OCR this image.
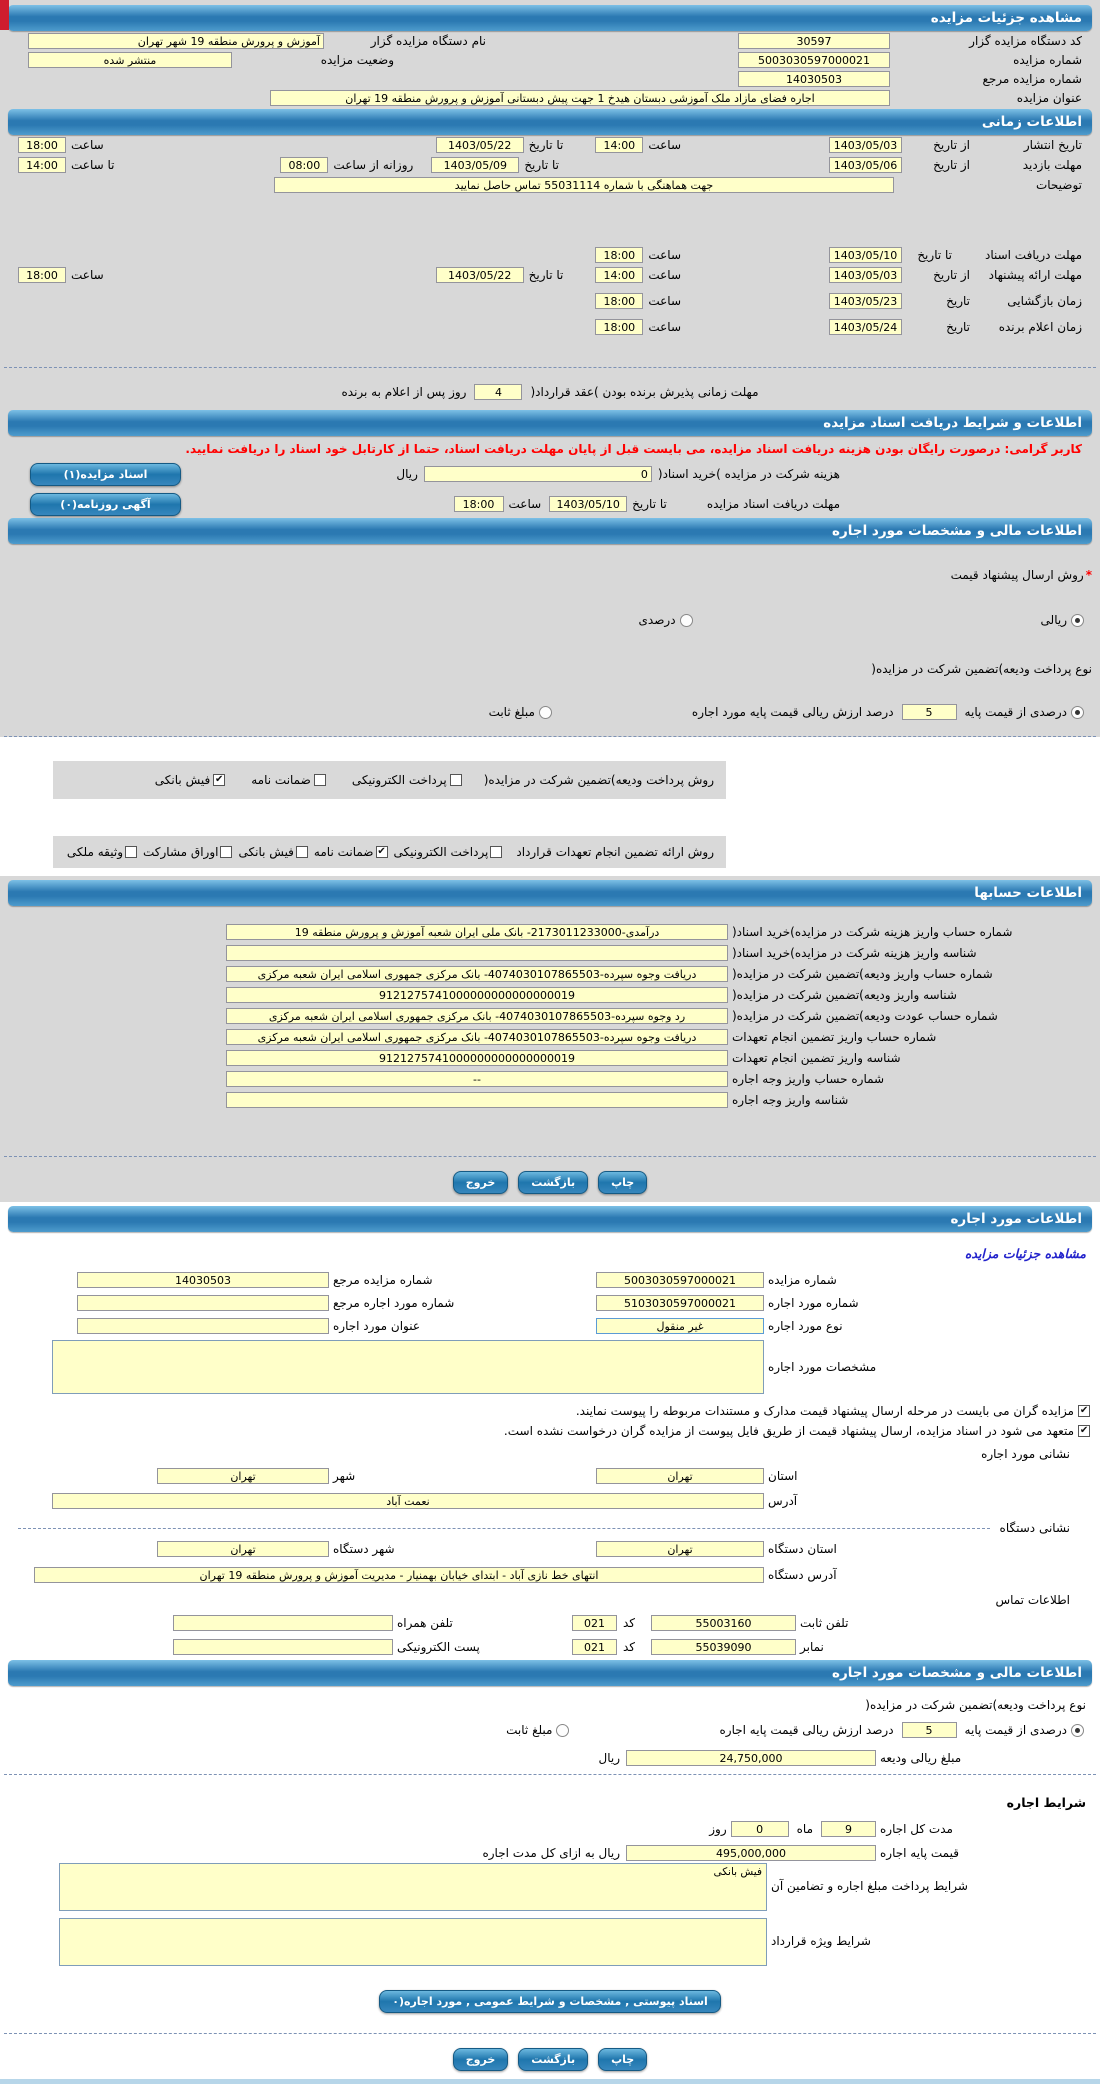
مشاهده جزئیات مزایده
کد دستگاه مزایده گزار
30597
نام دستگاه مزایده گزار
آموزش و پرورش منطقه 19 شهر تهران
شماره مزایده
5003030597000021
وضعیت مزایده
منتشر شده
شماره مزایده مرجع
14030503
عنوان مزایده
اجاره فضای مازاد ملک آموزشی دبستان هیدخ 1 جهت پیش دبستانی آموزش و پرورش منطقه 19 تهران
اطلاعات زمانی
تاریخ انتشار
از تاریخ
1403/05/03
ساعت
14:00
تا تاریخ
1403/05/22
ساعت
18:00
مهلت بازدید
از تاریخ
1403/05/06
تا تاریخ
1403/05/09
روزانه از ساعت
08:00
تا ساعت
14:00
توضیحات
جهت هماهنگی با شماره 55031114 تماس حاصل نمایید
مهلت دریافت اسناد
تا تاریخ
1403/05/10
ساعت
18:00
مهلت ارائه پیشنهاد
از تاریخ
1403/05/03
ساعت
14:00
تا تاریخ
1403/05/22
ساعت
18:00
زمان بازگشایی
تاریخ
1403/05/23
ساعت
18:00
زمان اعلام برنده
تاریخ
1403/05/24
ساعت
18:00
مهلت زمانی پذیرش برنده بودن )عقد قرارداد(
4
روز پس از اعلام به برنده
اطلاعات و شرایط دریافت اسناد مزایده
کاربر گرامی: درصورت رایگان بودن هزینه دریافت اسناد مزایده، می بایست قبل از پایان مهلت دریافت اسناد، حتما از کارتابل خود اسناد را دریافت نمایید.
هزینه شرکت در مزایده )خرید اسناد(
0
ریال
اسناد مزایده(۱)
مهلت دریافت اسناد مزایده
تا تاریخ
1403/05/10
ساعت
18:00
آگهی روزنامه(۰)
اطلاعات مالی و مشخصات مورد اجاره
*
روش ارسال پیشنهاد قیمت
ریالی
درصدی
نوع پرداخت ودیعه)تضمین شرکت در مزایده(
درصدی از قیمت پایه
5
درصد ارزش ریالی قیمت پایه مورد اجاره
مبلغ ثابت
روش پرداخت ودیعه)تضمین شرکت در مزایده(
پرداخت الکترونیکی
ضمانت نامه
✔
فیش بانکی
روش ارائه تضمین انجام تعهدات قرارداد
پرداخت الکترونیکی
✔
ضمانت نامه
فیش بانکی
اوراق مشارکت
وثیقه ملکی
اطلاعات حسابها
شماره حساب واریز هزینه شرکت در مزایده)خرید اسناد(
درآمدی-2173011233000- بانک ملی ایران شعبه آموزش و پرورش منطقه 19
شناسه واریز هزینه شرکت در مزایده)خرید اسناد(
شماره حساب واریز ودیعه)تضمین شرکت در مزایده(
دریافت وجوه سپرده-4074030107865503- بانک مرکزی جمهوری اسلامی ایران شعبه مرکزی
شناسه واریز ودیعه)تضمین شرکت در مزایده(
9121275741000000000000000019
شماره حساب عودت ودیعه)تضمین شرکت در مزایده(
رد وجوه سپرده-4074030107865503- بانک مرکزی جمهوری اسلامی ایران شعبه مرکزی
شماره حساب واریز تضمین انجام تعهدات
دریافت وجوه سپرده-4074030107865503- بانک مرکزی جمهوری اسلامی ایران شعبه مرکزی
شناسه واریز تضمین انجام تعهدات
9121275741000000000000000019
شماره حساب واریز وجه اجاره
--
شناسه واریز وجه اجاره
چاپ
بازگشت
خروج
اطلاعات مورد اجاره
مشاهده جزئیات مزایده
شماره مزایده
5003030597000021
شماره مزایده مرجع
14030503
شماره مورد اجاره
5103030597000021
شماره مورد اجاره مرجع
نوع مورد اجاره
غیر منقول
عنوان مورد اجاره
مشخصات مورد اجاره
✔
مزایده گران می بایست در مرحله ارسال پیشنهاد قیمت مدارک و مستندات مربوطه را پیوست نمایند.
✔
متعهد می شود در اسناد مزایده، ارسال پیشنهاد قیمت از طریق فایل پیوست از مزایده گران درخواست نشده است.
نشانی مورد اجاره
استان
تهران
شهر
تهران
آدرس
نعمت آباد
نشانی دستگاه
استان دستگاه
تهران
شهر دستگاه
تهران
آدرس دستگاه
انتهای خط نازی آباد - ابتدای خیابان بهمنیار - مدیریت آموزش و پرورش منطقه 19 تهران
اطلاعات تماس
تلفن ثابت
55003160
کد
021
تلفن همراه
نمابر
55039090
کد
021
پست الکترونیکی
اطلاعات مالی و مشخصات مورد اجاره
نوع پرداخت ودیعه)تضمین شرکت در مزایده(
درصدی از قیمت پایه
5
درصد ارزش ریالی قیمت پایه اجاره
مبلغ ثابت
مبلغ ریالی ودیعه
24,750,000
ریال
شرایط اجاره
مدت کل اجاره
9
ماه
0
روز
قیمت پایه اجاره
495,000,000
ریال به ازای کل مدت اجاره
شرایط پرداخت مبلغ اجاره و تضامین آن
فیش بانکی
شرایط ویژه قرارداد
اسناد پیوستی , مشخصات و شرایط عمومی , مورد اجاره(۰
چاپ
بازگشت
خروج
